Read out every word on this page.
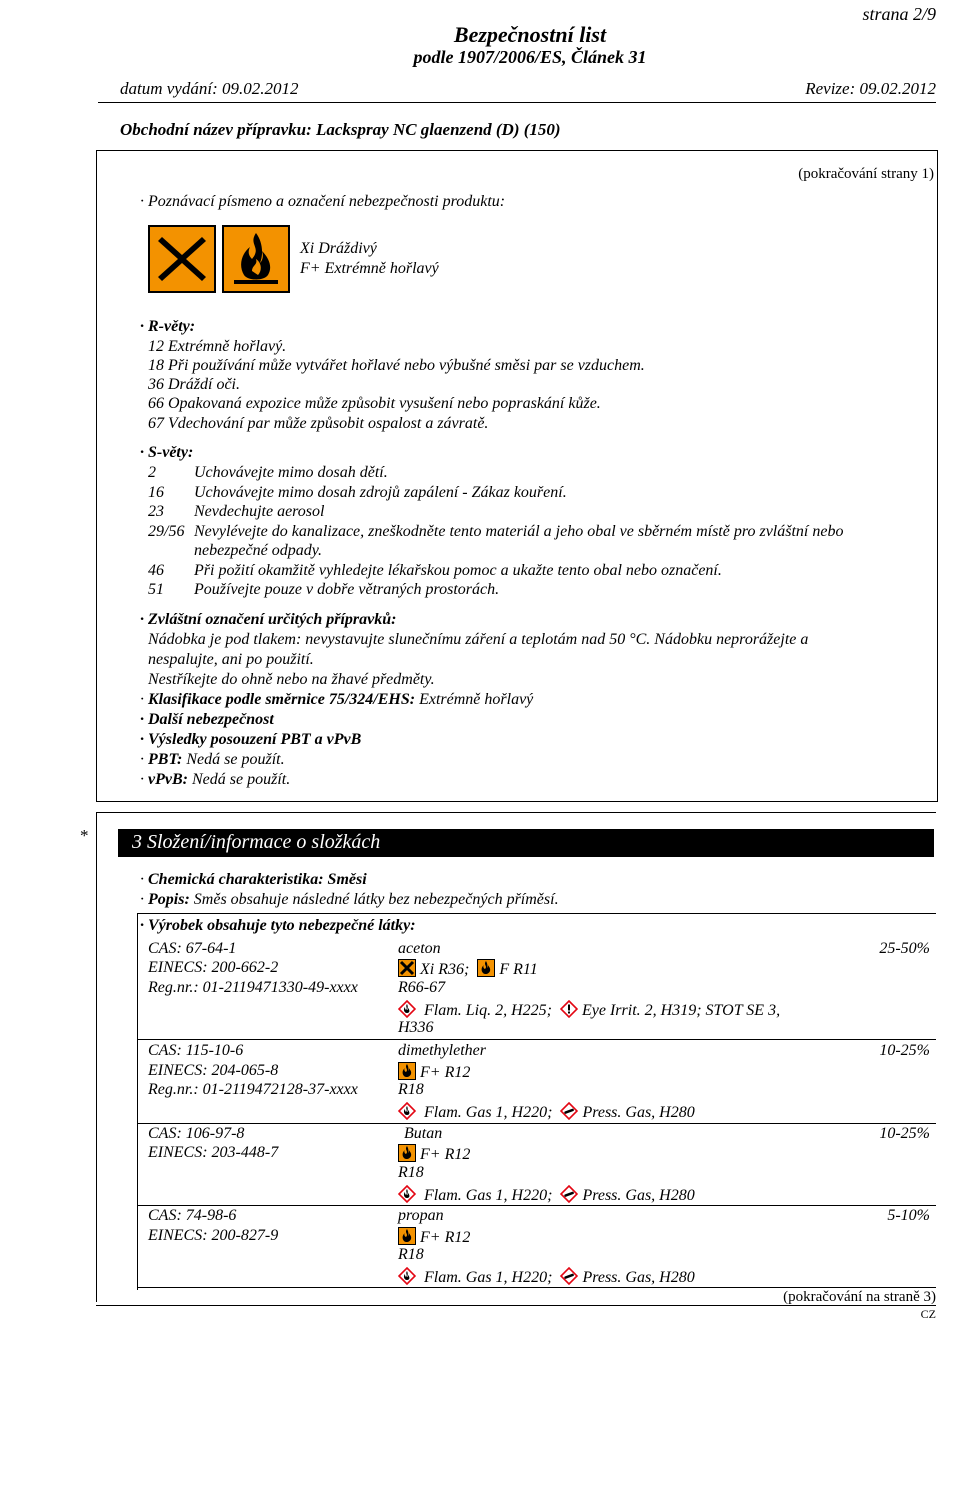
strana 2/9
Bezpečnostní list
podle 1907/2006/ES, Článek 31
datum vydání: 09.02.2012	Revize: 09.02.2012
Obchodní název přípravku: Lackspray NC glaenzend (D) (150)
(pokračování strany 1)
· Poznávací písmeno a označení nebezpečnosti produktu:
Xi Dráždivý
F+ Extrémně hořlavý
· R-věty:
12 Extrémně hořlavý.
18 Při používání může vytvářet hořlavé nebo výbušné směsi par se vzduchem.
36 Dráždí oči.
66 Opakovaná expozice může způsobit vysušení nebo popraskání kůže.
67 Vdechování par může způsobit ospalost a závratě.
· S-věty:
2 Uchovávejte mimo dosah dětí.
16 Uchovávejte mimo dosah zdrojů zapálení - Zákaz kouření.
23 Nevdechujte aerosol
29/56 Nevylévejte do kanalizace, zneškodněte tento materiál a jeho obal ve sběrném místě pro zvláštní nebo
nebezpečné odpady.
46 Při požití okamžitě vyhledejte lékařskou pomoc a ukažte tento obal nebo označení.
51 Používejte pouze v dobře větraných prostorách.
· Zvláštní označení určitých přípravků:
Nádobka je pod tlakem: nevystavujte slunečnímu záření a teplotám nad 50 °C. Nádobku neprorážejte a
nespalujte, ani po použití.
Nestříkejte do ohně nebo na žhavé předměty.
· Klasifikace podle směrnice 75/324/EHS: Extrémně hořlavý
· Další nebezpečnost
· Výsledky posouzení PBT a vPvB
· PBT: Nedá se použít.
· vPvB: Nedá se použít.
* 3 Složení/informace o složkách
· Chemická charakteristika: Směsi
· Popis: Směs obsahuje následné látky bez nebezpečných příměsí.
· Výrobek obsahuje tyto nebezpečné látky:
CAS: 67-64-1
EINECS: 200-662-2
Reg.nr.: 01-2119471330-49-xxxx
aceton
Xi R36; F R11
R66-67
Flam. Liq. 2, H225; Eye Irrit. 2, H319; STOT SE 3,
H336
25-50%
CAS: 115-10-6
EINECS: 204-065-8
Reg.nr.: 01-2119472128-37-xxxx
dimethylether
F+ R12
R18
Flam. Gas 1, H220; Press. Gas, H280
10-25%
CAS: 106-97-8
EINECS: 203-448-7
Butan
F+ R12
R18
Flam. Gas 1, H220; Press. Gas, H280
10-25%
CAS: 74-98-6
EINECS: 200-827-9
propan
F+ R12
R18
Flam. Gas 1, H220; Press. Gas, H280
5-10%
(pokračování na straně 3)
CZ
